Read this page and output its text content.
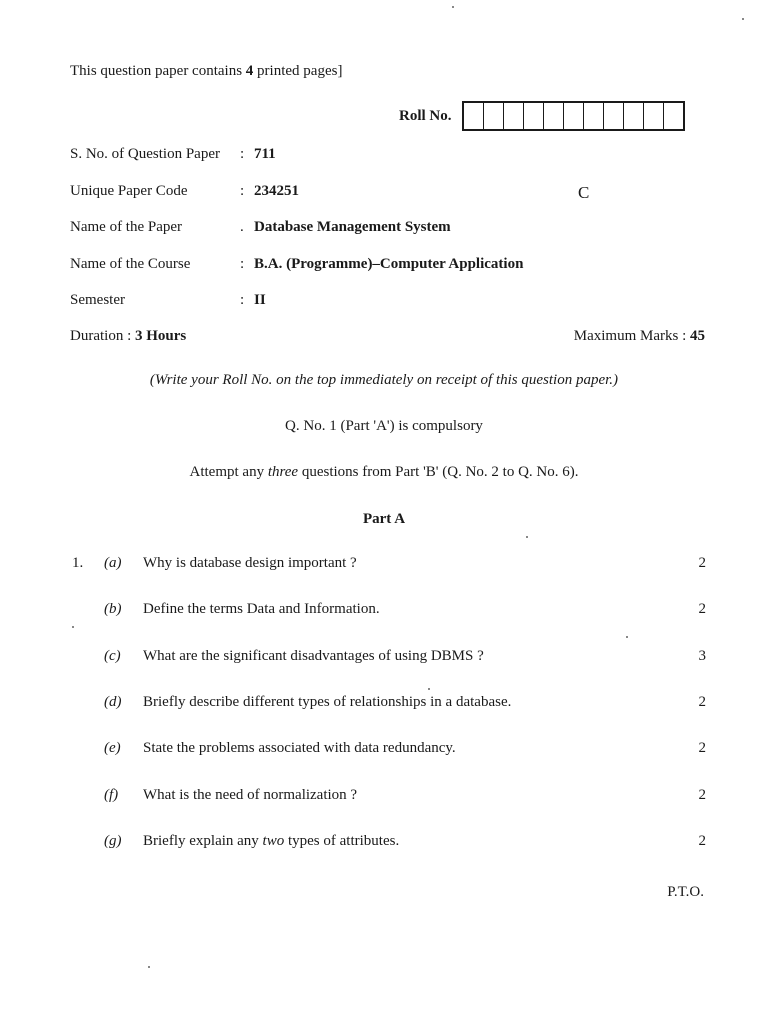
This question paper contains 4 printed pages]
Roll No.
S. No. of Question Paper	: 711
Unique Paper Code	: 234251	C
Name of the Paper	. Database Management System
Name of the Course	: B.A. (Programme)–Computer Application
Semester	: II
Duration : 3 Hours	Maximum Marks : 45
(Write your Roll No. on the top immediately on receipt of this question paper.)
Q. No. 1 (Part 'A') is compulsory
Attempt any three questions from Part 'B' (Q. No. 2 to Q. No. 6).
Part A
1. (a)	Why is database design important ?	2
(b)	Define the terms Data and Information.	2
(c)	What are the significant disadvantages of using DBMS ?	3
(d)	Briefly describe different types of relationships in a database.	2
(e)	State the problems associated with data redundancy.	2
(f)	What is the need of normalization ?	2
(g)	Briefly explain any two types of attributes.	2
P.T.O.
